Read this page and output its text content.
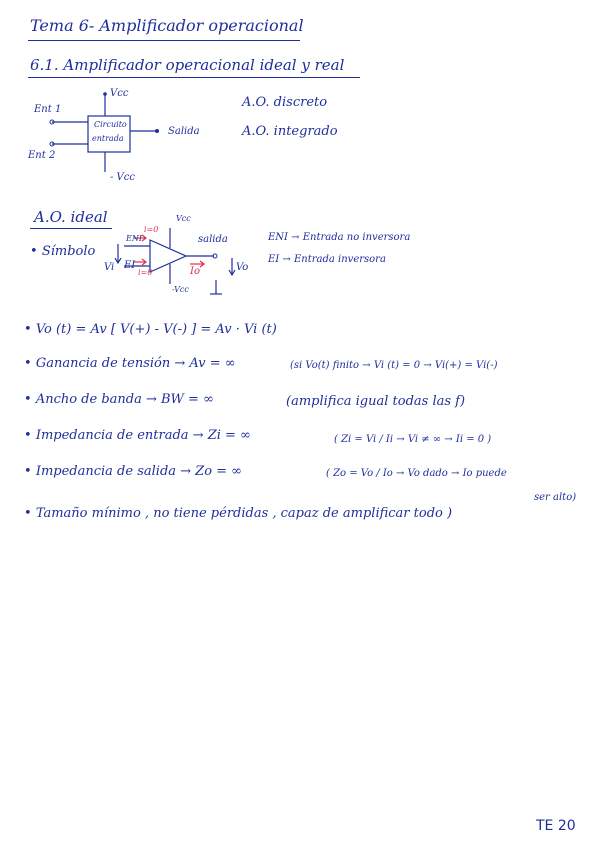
Tema 6- Amplificador operacional
6.1. Amplificador operacional ideal y real
Vcc
Ent 1
Ent 2
Circuito
entrada
Salida
- Vcc
A.O. discreto
A.O. integrado
A.O. ideal
• Símbolo
Vcc
ENI
i=0
EI
i=0
Vi
salida
Io	Vo
-Vcc
ENI → Entrada no inversora
EI → Entrada inversora
• Vo (t) = Av [ V(+) - V(-) ] = Av · Vi (t)
• Ganancia de tensión → Av = ∞	(si Vo(t) finito → Vi (t) = 0 → Vi(+) = Vi(-)
• Ancho de banda → BW = ∞	(amplifica igual todas las f)
• Impedancia de entrada → Zi = ∞	( Zi = Vi / Ii → Vi ≠ ∞ → Ii = 0 )
• Impedancia de salida → Zo = ∞	( Zo = Vo / Io → Vo dado → Io puede
ser alto)
• Tamaño mínimo , no tiene pérdidas , capaz de amplificar todo )
TE 20
